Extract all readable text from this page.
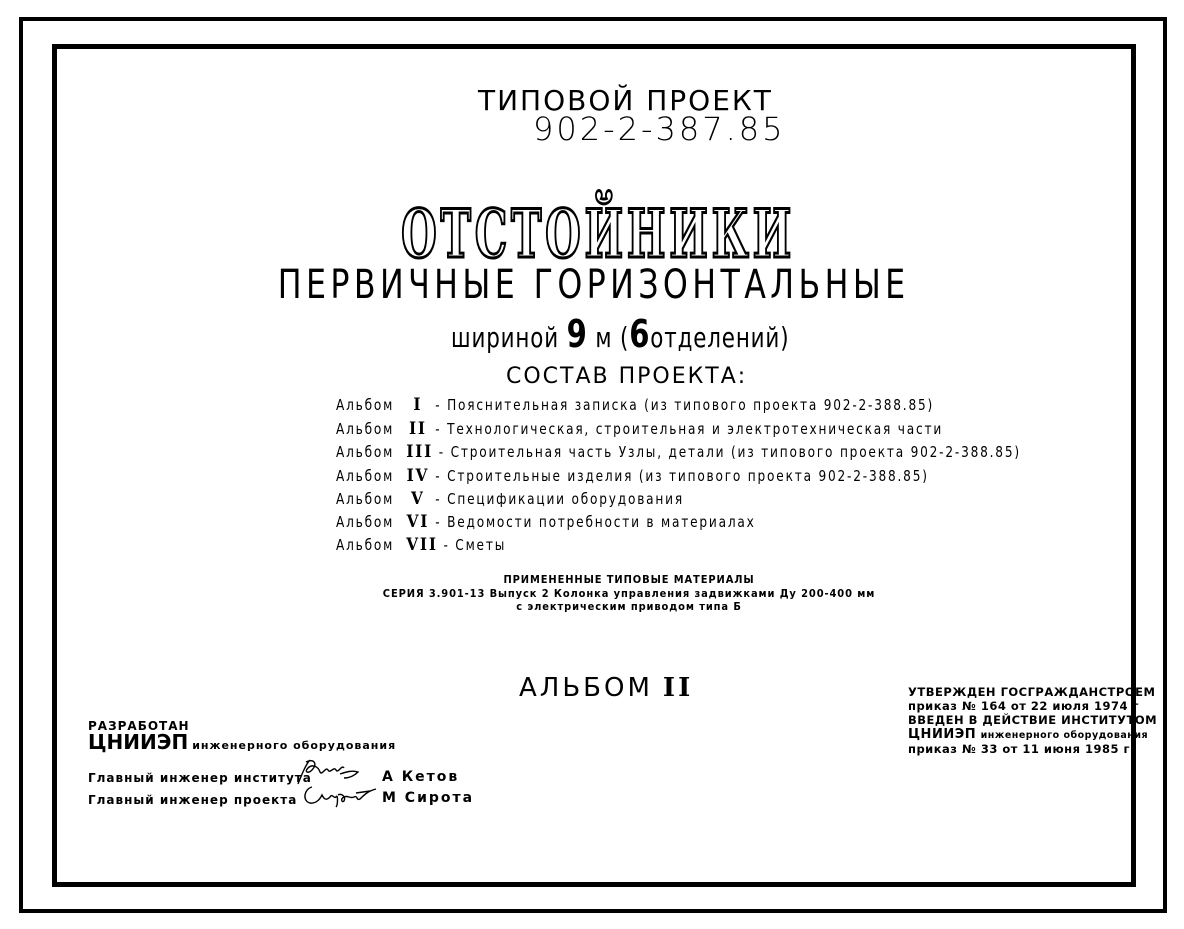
ТИПОВОЙ ПРОЕКТ
902-2-387.85
ОТСТОЙНИКИ
ПЕРВИЧНЫЕ ГОРИЗОНТАЛЬНЫЕ
шириной 9 м (6отделений)
СОСТАВ ПРОЕКТА:
Альбом I - Пояснительная записка (из типового проекта 902-2-388.85)
Альбом II - Технологическая, строительная и электротехническая части
Альбом III - Строительная часть Узлы, детали (из типового проекта 902-2-388.85)
Альбом IV - Строительные изделия (из типового проекта 902-2-388.85)
Альбом V - Спецификации оборудования
Альбом VI - Ведомости потребности в материалах
Альбом VII - Сметы
ПРИМЕНЕННЫЕ ТИПОВЫЕ МАТЕРИАЛЫ
СЕРИЯ 3.901-13 Выпуск 2 Колонка управления задвижками Ду 200-400 мм
с электрическим приводом типа Б
АЛЬБОМ II
РАЗРАБОТАН
ЦНИИЭП инженерного оборудования
Главный инженер института	А Кетов
Главный инженер проекта	М Сирота
УТВЕРЖДЕН ГОСГРАЖДАНСТРОЕМ
приказ № 164 от 22 июля 1974 г
ВВЕДЕН В ДЕЙСТВИЕ ИНСТИТУТОМ
ЦНИИЭП инженерного оборудования
приказ № 33 от 11 июня 1985 г
